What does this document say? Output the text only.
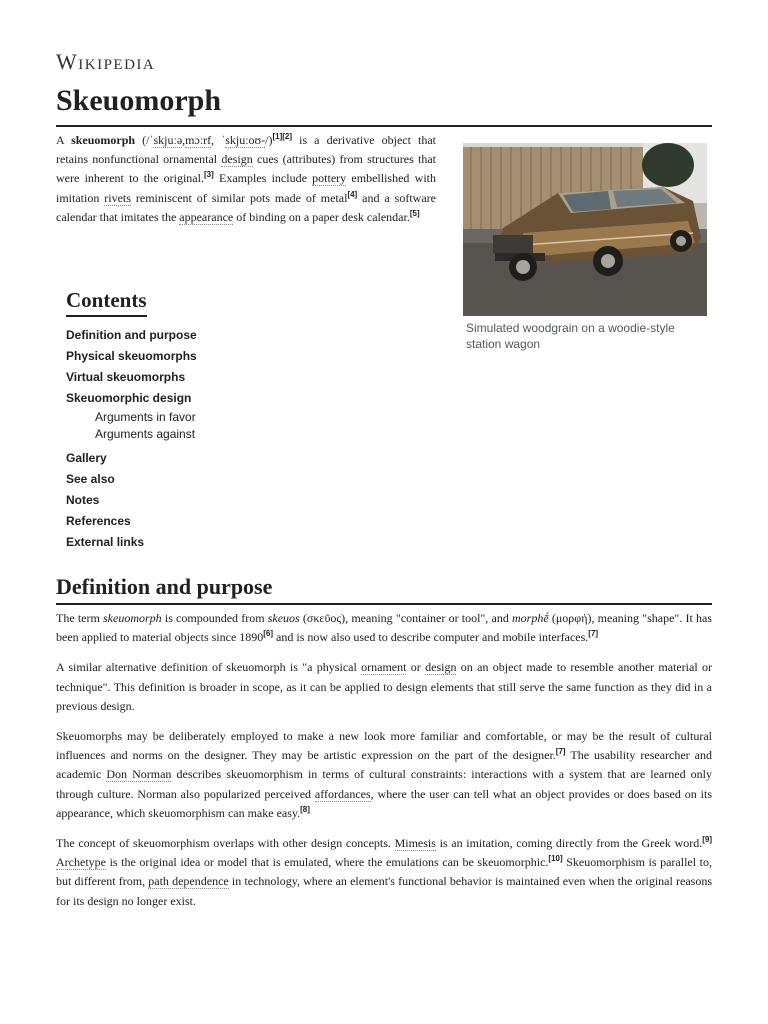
Wikipedia
Skeuomorph

A skeuomorph (/ˈskjuːə,mɔːrf, ˈskjuːoʊ-/)[1][2] is a derivative object that retains nonfunctional ornamental design cues (attributes) from structures that were inherent to the original.[3] Examples include pottery embellished with imitation rivets reminiscent of similar pots made of metal[4] and a software calendar that imitates the appearance of binding on a paper desk calendar.[5]

Simulated woodgrain on a woodie-style station wagon
Contents
Definition and purpose
Physical skeuomorphs
Virtual skeuomorphs
Skeuomorphic design
Arguments in favor
Arguments against
Gallery
See also
Notes
References
External links
Definition and purpose

The term skeuomorph is compounded from skeuos (σκεῦος), meaning "container or tool", and morphḗ (μορφή), meaning "shape". It has been applied to material objects since 1890[6] and is now also used to describe computer and mobile interfaces.[7]

A similar alternative definition of skeuomorph is "a physical ornament or design on an object made to resemble another material or technique". This definition is broader in scope, as it can be applied to design elements that still serve the same function as they did in a previous design.

Skeuomorphs may be deliberately employed to make a new look more familiar and comfortable, or may be the result of cultural influences and norms on the designer. They may be artistic expression on the part of the designer.[7] The usability researcher and academic Don Norman describes skeuomorphism in terms of cultural constraints: interactions with a system that are learned only through culture. Norman also popularized perceived affordances, where the user can tell what an object provides or does based on its appearance, which skeuomorphism can make easy.[8]

The concept of skeuomorphism overlaps with other design concepts. Mimesis is an imitation, coming directly from the Greek word.[9] Archetype is the original idea or model that is emulated, where the emulations can be skeuomorphic.[10] Skeuomorphism is parallel to, but different from, path dependence in technology, where an element's functional behavior is maintained even when the original reasons for its design no longer exist.
